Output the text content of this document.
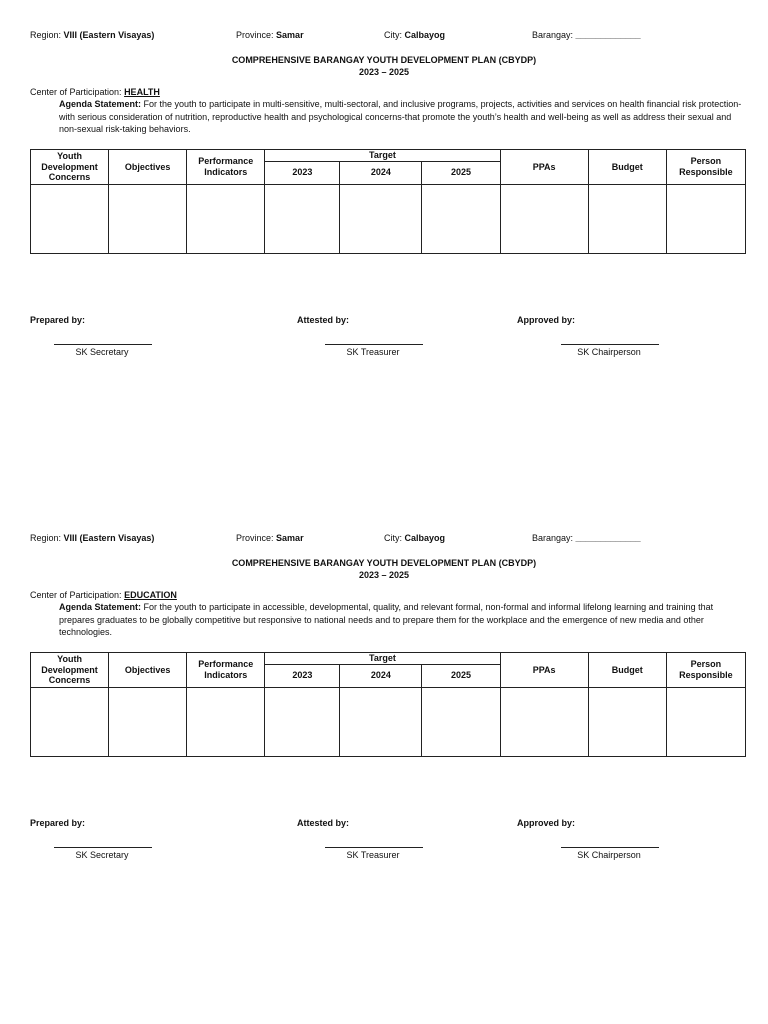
Region: VIII (Eastern Visayas)	Province: Samar	City: Calbayog	Barangay: _____________
COMPREHENSIVE BARANGAY YOUTH DEVELOPMENT PLAN (CBYDP)
2023 – 2025
Center of Participation: HEALTH
Agenda Statement: For the youth to participate in multi-sensitive, multi-sectoral, and inclusive programs, projects, activities and services on health financial risk protection-with serious consideration of nutrition, reproductive health and psychological concerns-that promote the youth’s health and well-being as well as address their sexual and non-sexual risk-taking behaviors.
Youth Development Concerns	Objectives	Performance Indicators	Target			PPAs	Budget	Person Responsible
			2023	2024	2025			

Prepared by:	Attested by:	Approved by:
SK Secretary	SK Treasurer	SK Chairperson
Region: VIII (Eastern Visayas)	Province: Samar	City: Calbayog	Barangay: _____________
COMPREHENSIVE BARANGAY YOUTH DEVELOPMENT PLAN (CBYDP)
2023 – 2025
Center of Participation: EDUCATION
Agenda Statement: For the youth to participate in accessible, developmental, quality, and relevant formal, non-formal and informal lifelong learning and training that prepares graduates to be globally competitive but responsive to national needs and to prepare them for the workplace and the emergence of new media and other technologies.
Youth Development Concerns	Objectives	Performance Indicators	Target			PPAs	Budget	Person Responsible
			2023	2024	2025			

Prepared by:	Attested by:	Approved by:
SK Secretary	SK Treasurer	SK Chairperson
